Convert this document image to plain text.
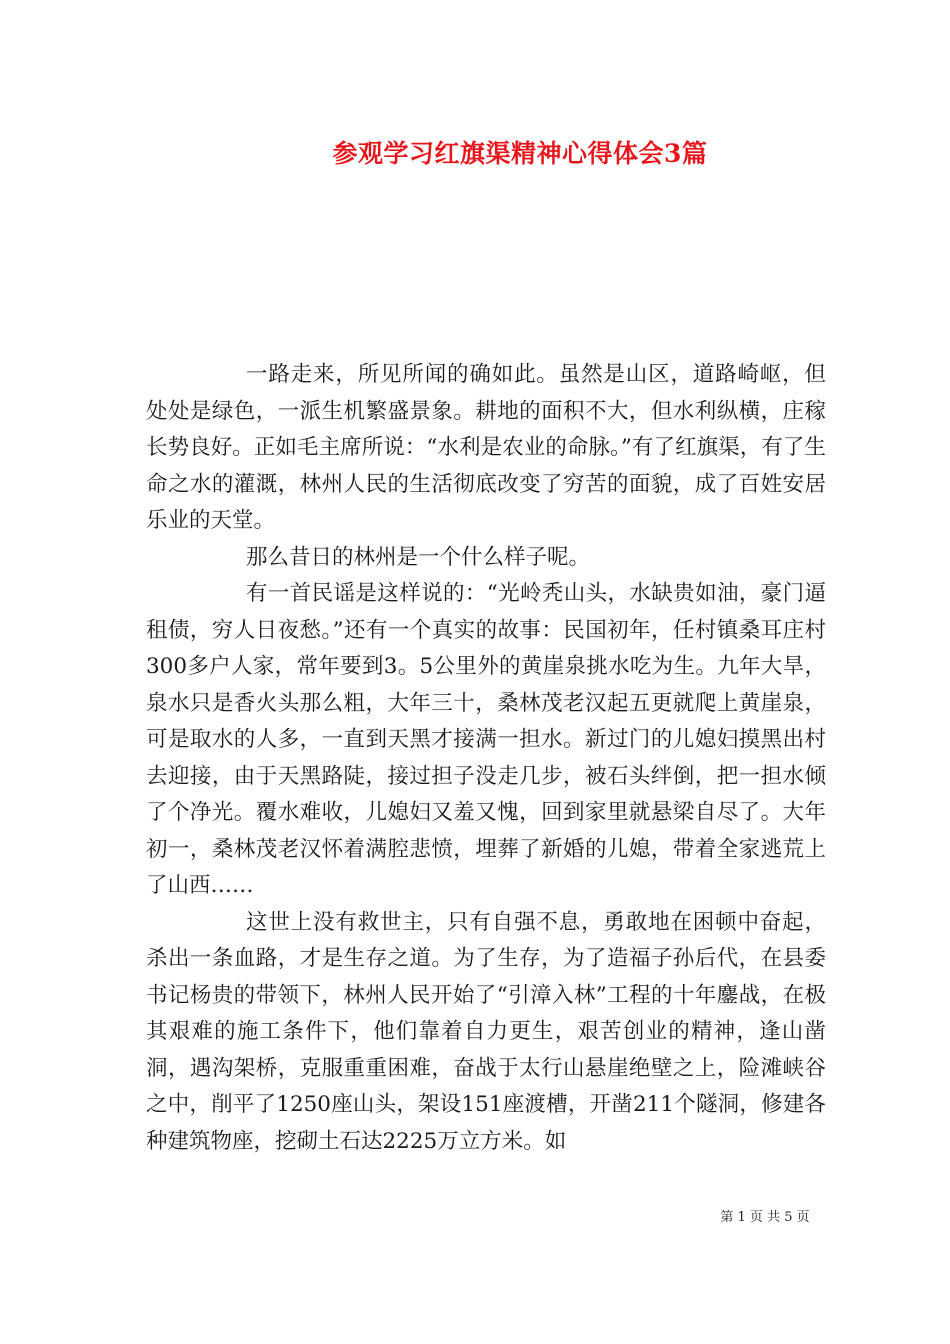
参观学习红旗渠精神心得体会3篇

一路走来，所见所闻的确如此。虽然是山区，道路崎岖，但处处是绿色，一派生机繁盛景象。耕地的面积不大，但水利纵横，庄稼长势良好。正如毛主席所说：“水利是农业的命脉。”有了红旗渠，有了生命之水的灌溉，林州人民的生活彻底改变了穷苦的面貌，成了百姓安居乐业的天堂。

那么昔日的林州是一个什么样子呢。

有一首民谣是这样说的：“光岭秃山头，水缺贵如油，豪门逼租债，穷人日夜愁。”还有一个真实的故事：民国初年，任村镇桑耳庄村300多户人家，常年要到3。5公里外的黄崖泉挑水吃为生。九年大旱，泉水只是香火头那么粗，大年三十，桑林茂老汉起五更就爬上黄崖泉，可是取水的人多，一直到天黑才接满一担水。新过门的儿媳妇摸黑出村去迎接，由于天黑路陡，接过担子没走几步，被石头绊倒，把一担水倾了个净光。覆水难收，儿媳妇又羞又愧，回到家里就悬梁自尽了。大年初一，桑林茂老汉怀着满腔悲愤，埋葬了新婚的儿媳，带着全家逃荒上了山西……

这世上没有救世主，只有自强不息，勇敢地在困顿中奋起，杀出一条血路，才是生存之道。为了生存，为了造福子孙后代，在县委书记杨贵的带领下，林州人民开始了“引漳入林”工程的十年鏖战，在极其艰难的施工条件下，他们靠着自力更生，艰苦创业的精神，逢山凿洞，遇沟架桥，克服重重困难，奋战于太行山悬崖绝壁之上，险滩峡谷之中，削平了1250座山头，架设151座渡槽，开凿211个隧洞，修建各种建筑物座，挖砌土石达2225万立方米。如

第 1 页 共 5 页
